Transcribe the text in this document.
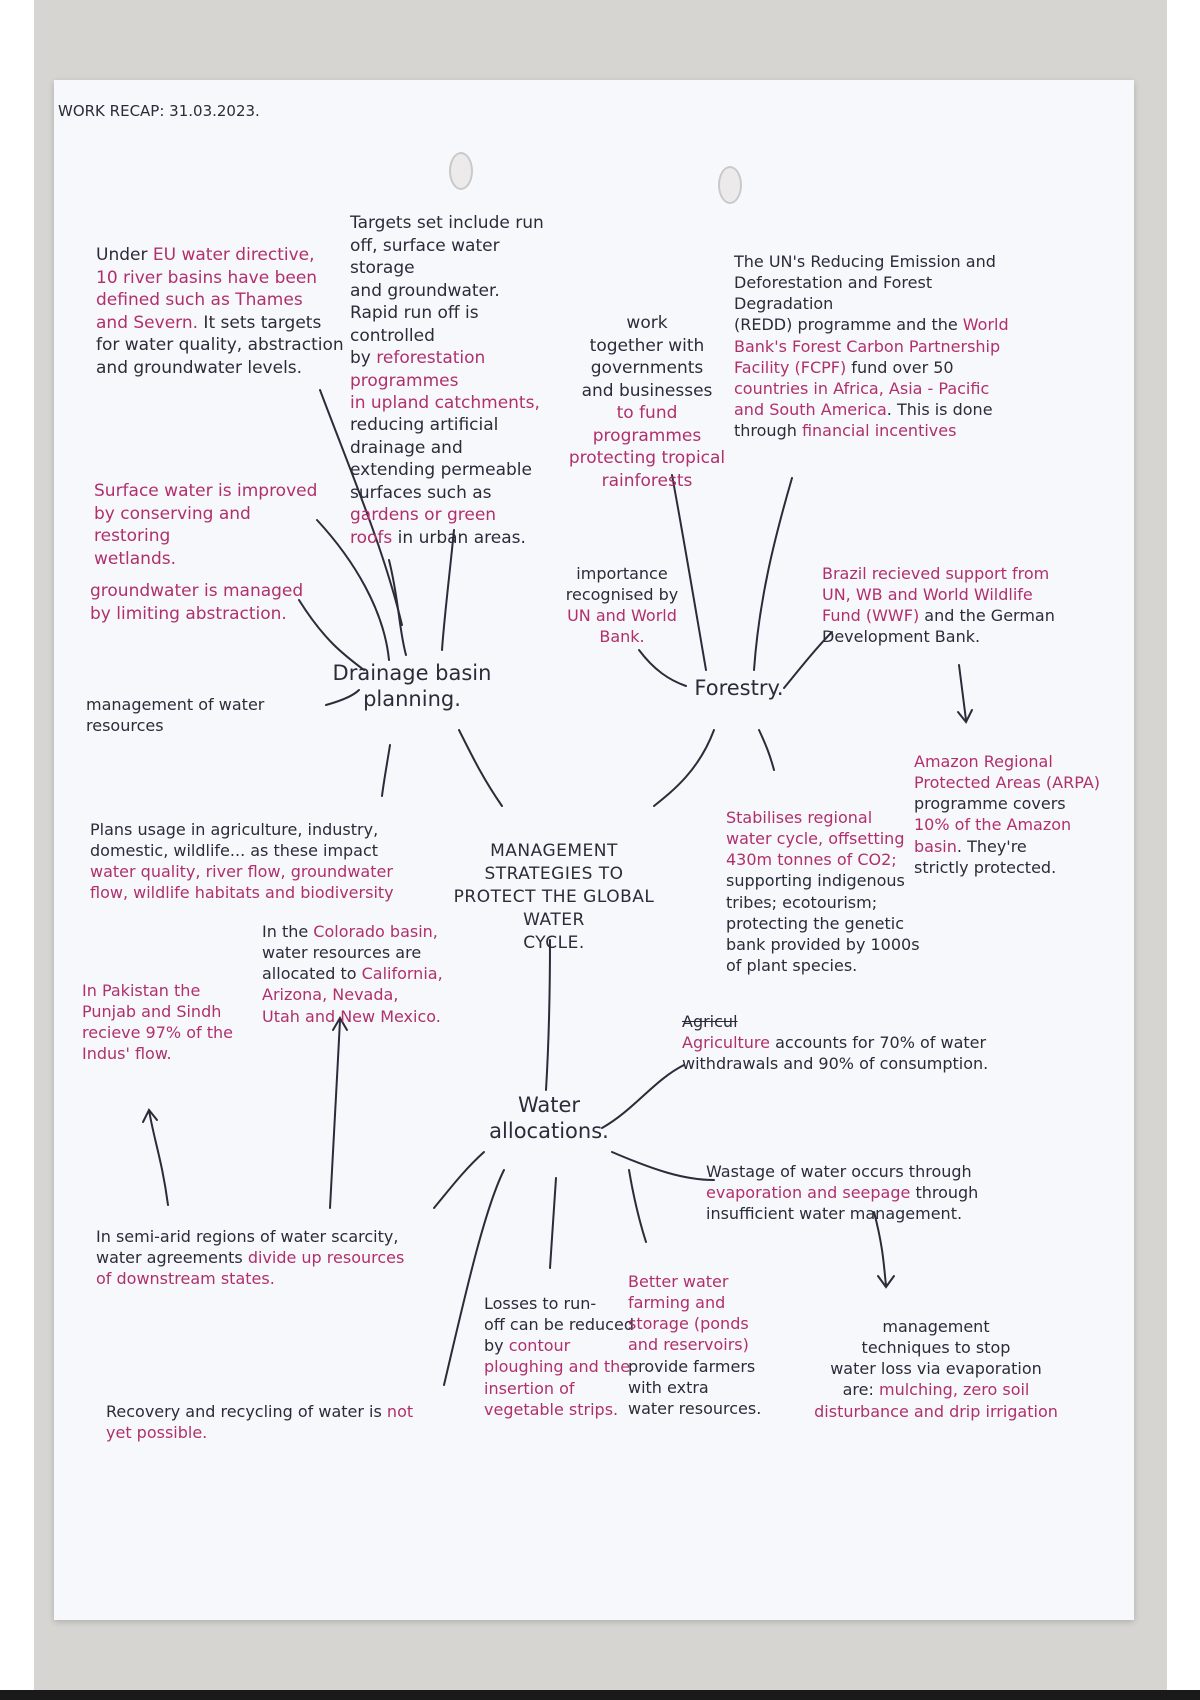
WORK RECAP: 31.03.2023.
MANAGEMENT STRATEGIES TO
PROTECT THE GLOBAL WATER
CYCLE.
Drainage basin
planning.	Forestry.
Water
allocations.

Under EU water directive,
10 river basins have been
defined such as Thames
and Severn. It sets targets
for water quality, abstraction
and groundwater levels.

Targets set include run
off, surface water storage
and groundwater.
Rapid run off is controlled
by reforestation programmes
in upland catchments,
reducing artificial
drainage and
extending permeable
surfaces such as
gardens or green
roofs in urban areas.

Surface water is improved
by conserving and restoring
wetlands.

groundwater is managed
by limiting abstraction.

management of water resources

Plans usage in agriculture, industry,
domestic, wildlife... as these impact
water quality, river flow, groundwater
flow, wildlife habitats and biodiversity

work
together with
governments
and businesses
to fund programmes
protecting tropical
rainforests

The UN's Reducing Emission and
Deforestation and Forest Degradation
(REDD) programme and the World
Bank's Forest Carbon Partnership
Facility (FCPF) fund over 50
countries in Africa, Asia - Pacific
and South America. This is done
through financial incentives

importance
recognised by
UN and World
Bank.

Brazil recieved support from
UN, WB and World Wildlife
Fund (WWF) and the German
Development Bank.

Amazon Regional
Protected Areas (ARPA)
programme covers
10% of the Amazon
basin. They're
strictly protected.

Stabilises regional
water cycle, offsetting
430m tonnes of CO2;
supporting indigenous
tribes; ecotourism;
protecting the genetic
bank provided by 1000s
of plant species.

In the Colorado basin,
water resources are
allocated to California,
Arizona, Nevada,
Utah and New Mexico.

In Pakistan the
Punjab and Sindh
recieve 97% of the
Indus' flow.

Agricul
Agriculture accounts for 70% of water
withdrawals and 90% of consumption.

In semi-arid regions of water scarcity,
water agreements divide up resources
of downstream states.

Wastage of water occurs through
evaporation and seepage through
insufficient water management.

Losses to run-
off can be reduced
by contour
ploughing and the
insertion of
vegetable strips.

Better water
farming and
storage (ponds
and reservoirs)
provide farmers
with extra
water resources.

management
techniques to stop
water loss via evaporation
are: mulching, zero soil
disturbance and drip irrigation

Recovery and recycling of water is not
yet possible.
